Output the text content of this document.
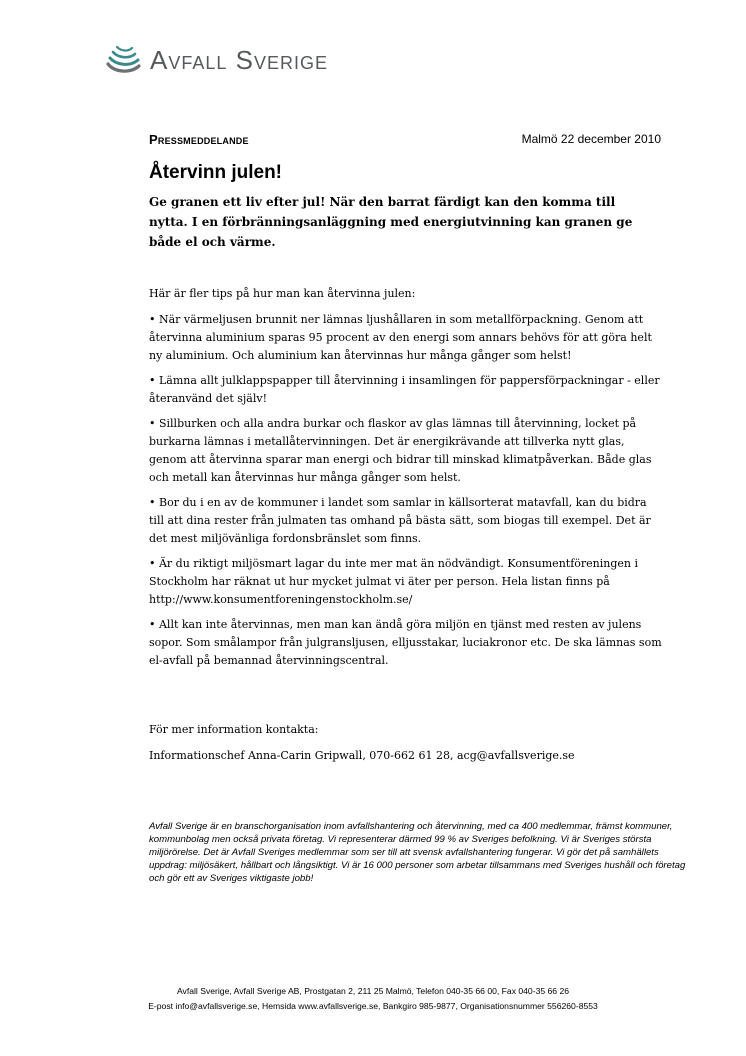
Avfall Sverige
Pressmeddelande	Malmö 22 december 2010
Återvinn julen!

Ge granen ett liv efter jul! När den barrat färdigt kan den komma till nytta. I en förbränningsanläggning med energiutvinning kan granen ge både el och värme.

Här är fler tips på hur man kan återvinna julen:

• När värmeljusen brunnit ner lämnas ljushållaren in som metallförpackning. Genom att återvinna aluminium sparas 95 procent av den energi som annars behövs för att göra helt ny aluminium. Och aluminium kan återvinnas hur många gånger som helst!

• Lämna allt julklappspapper till återvinning i insamlingen för pappersförpackningar - eller återanvänd det själv!

• Sillburken och alla andra burkar och flaskor av glas lämnas till återvinning, locket på burkarna lämnas i metallåtervinningen. Det är energikrävande att tillverka nytt glas, genom att återvinna sparar man energi och bidrar till minskad klimatpåverkan. Både glas och metall kan återvinnas hur många gånger som helst.

• Bor du i en av de kommuner i landet som samlar in källsorterat matavfall, kan du bidra till att dina rester från julmaten tas omhand på bästa sätt, som biogas till exempel. Det är det mest miljövänliga fordonsbränslet som finns.

• Är du riktigt miljösmart lagar du inte mer mat än nödvändigt. Konsumentföreningen i Stockholm har räknat ut hur mycket julmat vi äter per person. Hela listan finns på http://www.konsumentforeningenstockholm.se/

• Allt kan inte återvinnas, men man kan ändå göra miljön en tjänst med resten av julens sopor. Som smålampor från julgransljusen, elljusstakar, luciakronor etc. De ska lämnas som el-avfall på bemannad återvinningscentral.

För mer information kontakta:

Informationschef Anna-Carin Gripwall, 070-662 61 28, acg@avfallsverige.se

Avfall Sverige är en branschorganisation inom avfallshantering och återvinning, med ca 400 medlemmar, främst kommuner, kommunbolag men också privata företag. Vi representerar därmed 99 % av Sveriges befolkning. Vi är Sveriges största miljörörelse. Det är Avfall Sveriges medlemmar som ser till att svensk avfallshantering fungerar. Vi gör det på samhällets uppdrag: miljösäkert, hållbart och långsiktigt. Vi är 16 000 personer som arbetar tillsammans med Sveriges hushåll och företag och gör ett av Sveriges viktigaste jobb!

Avfall Sverige, Avfall Sverige AB, Prostgatan 2, 211 25 Malmö, Telefon 040-35 66 00, Fax 040-35 66 26
E-post info@avfallsverige.se, Hemsida www.avfallsverige.se, Bankgiro 985-9877, Organisationsnummer 556260-8553
